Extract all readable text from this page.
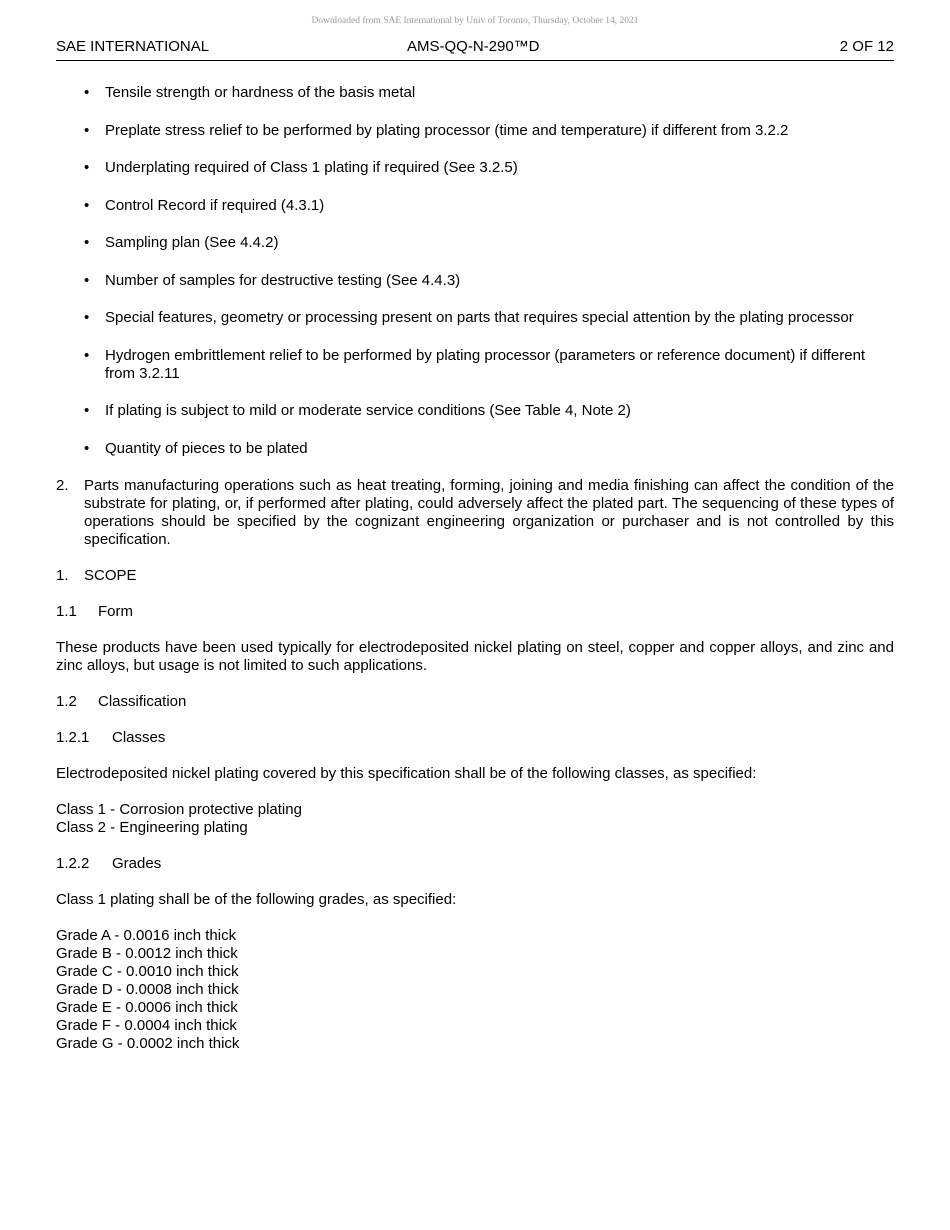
Downloaded from SAE International by Univ of Toronto, Thursday, October 14, 2021
SAE INTERNATIONAL	AMS-QQ-N-290™D	2 OF 12
• Tensile strength or hardness of the basis metal
• Preplate stress relief to be performed by plating processor (time and temperature) if different from 3.2.2
• Underplating required of Class 1 plating if required (See 3.2.5)
• Control Record if required (4.3.1)
• Sampling plan (See 4.4.2)
• Number of samples for destructive testing (See 4.4.3)
• Special features, geometry or processing present on parts that requires special attention by the plating processor
• Hydrogen embrittlement relief to be performed by plating processor (parameters or reference document) if different from 3.2.11
• If plating is subject to mild or moderate service conditions (See Table 4, Note 2)
• Quantity of pieces to be plated
2. Parts manufacturing operations such as heat treating, forming, joining and media finishing can affect the condition of the substrate for plating, or, if performed after plating, could adversely affect the plated part. The sequencing of these types of operations should be specified by the cognizant engineering organization or purchaser and is not controlled by this specification.
1. SCOPE
1.1 Form

These products have been used typically for electrodeposited nickel plating on steel, copper and copper alloys, and zinc and zinc alloys, but usage is not limited to such applications.

1.2 Classification
1.2.1 Classes

Electrodeposited nickel plating covered by this specification shall be of the following classes, as specified:

Class 1 - Corrosion protective plating
Class 2 - Engineering plating
1.2.2 Grades

Class 1 plating shall be of the following grades, as specified:

Grade A - 0.0016 inch thick
Grade B - 0.0012 inch thick
Grade C - 0.0010 inch thick
Grade D - 0.0008 inch thick
Grade E - 0.0006 inch thick
Grade F - 0.0004 inch thick
Grade G - 0.0002 inch thick
